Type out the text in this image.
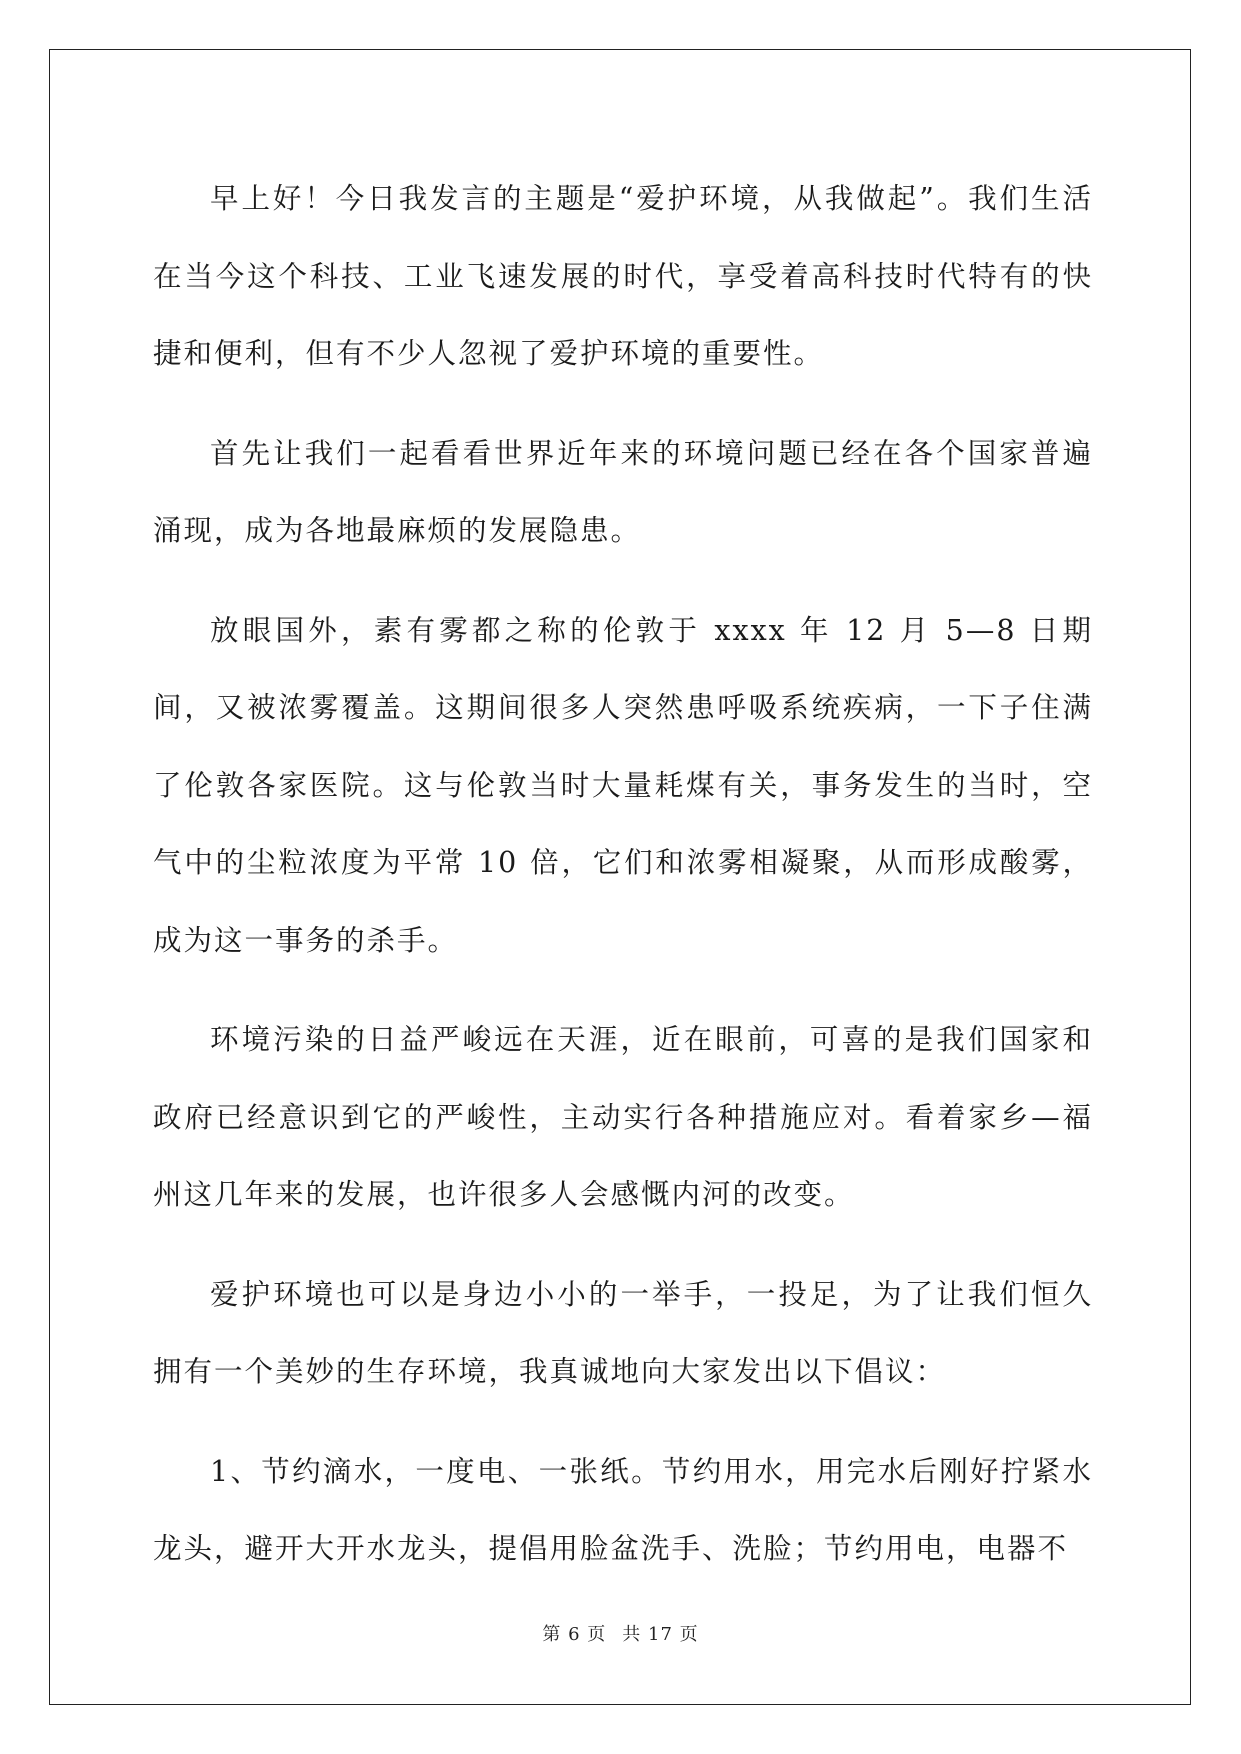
早上好！今日我发言的主题是“爱护环境，从我做起”。我们生活在当今这个科技、工业飞速发展的时代，享受着高科技时代特有的快捷和便利，但有不少人忽视了爱护环境的重要性。

首先让我们一起看看世界近年来的环境问题已经在各个国家普遍涌现，成为各地最麻烦的发展隐患。

放眼国外，素有雾都之称的伦敦于 xxxx 年 12 月 5—8 日期间，又被浓雾覆盖。这期间很多人突然患呼吸系统疾病，一下子住满了伦敦各家医院。这与伦敦当时大量耗煤有关，事务发生的当时，空气中的尘粒浓度为平常 10 倍，它们和浓雾相凝聚，从而形成酸雾，成为这一事务的杀手。

环境污染的日益严峻远在天涯，近在眼前，可喜的是我们国家和政府已经意识到它的严峻性，主动实行各种措施应对。看着家乡—福州这几年来的发展，也许很多人会感慨内河的改变。

爱护环境也可以是身边小小的一举手，一投足，为了让我们恒久拥有一个美妙的生存环境，我真诚地向大家发出以下倡议：

1、节约滴水，一度电、一张纸。节约用水，用完水后刚好拧紧水龙头，避开大开水龙头，提倡用脸盆洗手、洗脸；节约用电，电器不

第 6 页 共 17 页
